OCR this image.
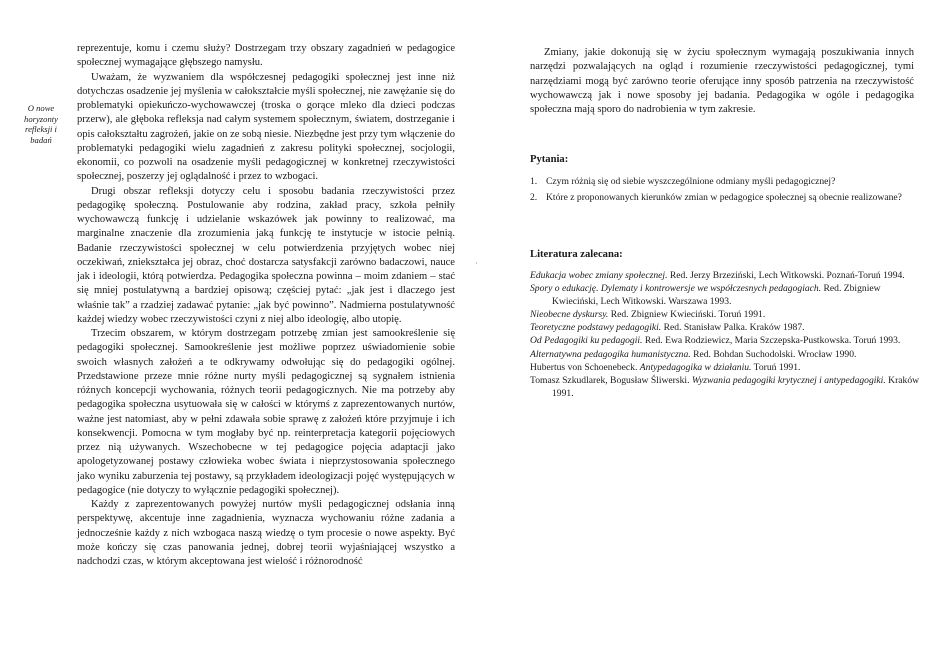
O nowe horyzonty refleksji i badań

reprezentuje, komu i czemu służy? Dostrzegam trzy obszary zagadnień w pedagogice społecznej wymagające głębszego namysłu.

Uważam, że wyzwaniem dla współczesnej pedagogiki społecznej jest inne niż dotychczas osadzenie jej myślenia w całokształcie myśli społecznej, nie zawężanie się do problematyki opiekuńczo-wychowawczej (troska o gorące mleko dla dzieci podczas przerw), ale głęboka refleksja nad całym systemem społecznym, światem, dostrzeganie i opis całokształtu zagrożeń, jakie on ze sobą niesie. Niezbędne jest przy tym włączenie do problematyki pedagogiki wielu zagadnień z zakresu polityki społecznej, socjologii, ekonomii, co pozwoli na osadzenie myśli pedagogicznej w konkretnej rzeczywistości społecznej, poszerzy jej oglądalność i przez to wzbogaci.

Drugi obszar refleksji dotyczy celu i sposobu badania rzeczywistości przez pedagogikę społeczną. Postulowanie aby rodzina, zakład pracy, szkoła pełniły wychowawczą funkcję i udzielanie wskazówek jak powinny to realizować, ma marginalne znaczenie dla zrozumienia jaką funkcję te instytucje w istocie pełnią. Badanie rzeczywistości społecznej w celu potwierdzenia przyjętych wobec niej oczekiwań, zniekształca jej obraz, choć dostarcza satysfakcji zarówno badaczowi, nauce jak i ideologii, którą potwierdza. Pedagogika społeczna powinna – moim zdaniem – stać się mniej postulatywną a bardziej opisową; częściej pytać: „jak jest i dlaczego jest właśnie tak” a rzadziej zadawać pytanie: „jak być powinno”. Nadmierna postulatywność każdej wiedzy wobec rzeczywistości czyni z niej albo ideologię, albo utopię.

Trzecim obszarem, w którym dostrzegam potrzebę zmian jest samookreślenie się pedagogiki społecznej. Samookreślenie jest możliwe poprzez uświadomienie sobie swoich własnych założeń a te odkrywamy odwołując się do pedagogiki ogólnej. Przedstawione przeze mnie różne nurty myśli pedagogicznej są sygnałem istnienia różnych koncepcji wychowania, różnych teorii pedagogicznych. Nie ma potrzeby aby pedagogika społeczna usytuowała się w całości w którymś z zaprezentowanych nurtów, ważne jest natomiast, aby w pełni zdawała sobie sprawę z założeń które przyjmuje i ich konsekwencji. Pomocna w tym mogłaby być np. reinterpretacja kategorii pojęciowych przez nią używanych. Wszechobecne w tej pedagogice pojęcia adaptacji jako apologetyzowanej postawy człowieka wobec świata i nieprzystosowania społecznego jako wyniku zaburzenia tej postawy, są przykładem ideologizacji pojęć występujących w pedagogice (nie dotyczy to wyłącznie pedagogiki społecznej).

Każdy z zaprezentowanych powyżej nurtów myśli pedagogicznej odsłania inną perspektywę, akcentuje inne zagadnienia, wyznacza wychowaniu różne zadania a jednocześnie każdy z nich wzbogaca naszą wiedzę o tym procesie o nowe aspekty. Być może kończy się czas panowania jednej, dobrej teorii wyjaśniającej wszystko a nadchodzi czas, w którym akceptowana jest wielość i różnorodność

·
Zmiany, jakie dokonują się w życiu społecznym wymagają poszukiwania innych narzędzi pozwalających na ogląd i rozumienie rzeczywistości pedagogicznej, tymi narzędziami mogą być zarówno teorie oferujące inny sposób patrzenia na rzeczywistość wychowawczą jak i nowe sposoby jej badania. Pedagogika w ogóle i pedagogika społeczna mają sporo do nadrobienia w tym zakresie.
Pytania:
1. Czym różnią się od siebie wyszczególnione odmiany myśli pedagogicznej?
2. Które z proponowanych kierunków zmian w pedagogice społecznej są obecnie realizowane?
Literatura zalecana:
Edukacja wobec zmiany społecznej. Red. Jerzy Brzeziński, Lech Witkowski. Poznań-Toruń 1994.
Spory o edukację. Dylematy i kontrowersje we współczesnych pedagogiach. Red. Zbigniew Kwieciński, Lech Witkowski. Warszawa 1993.
Nieobecne dyskursy. Red. Zbigniew Kwieciński. Toruń 1991.
Teoretyczne podstawy pedagogiki. Red. Stanisław Palka. Kraków 1987.
Od Pedagogiki ku pedagogii. Red. Ewa Rodziewicz, Maria Szczepska-Pustkowska. Toruń 1993.
Alternatywna pedagogika humanistyczna. Red. Bohdan Suchodolski. Wrocław 1990.
Hubertus von Schoenebeck. Antypedagogika w działaniu. Toruń 1991.
Tomasz Szkudlarek, Bogusław Śliwerski. Wyzwania pedagogiki krytycznej i antypedagogiki. Kraków 1991.
